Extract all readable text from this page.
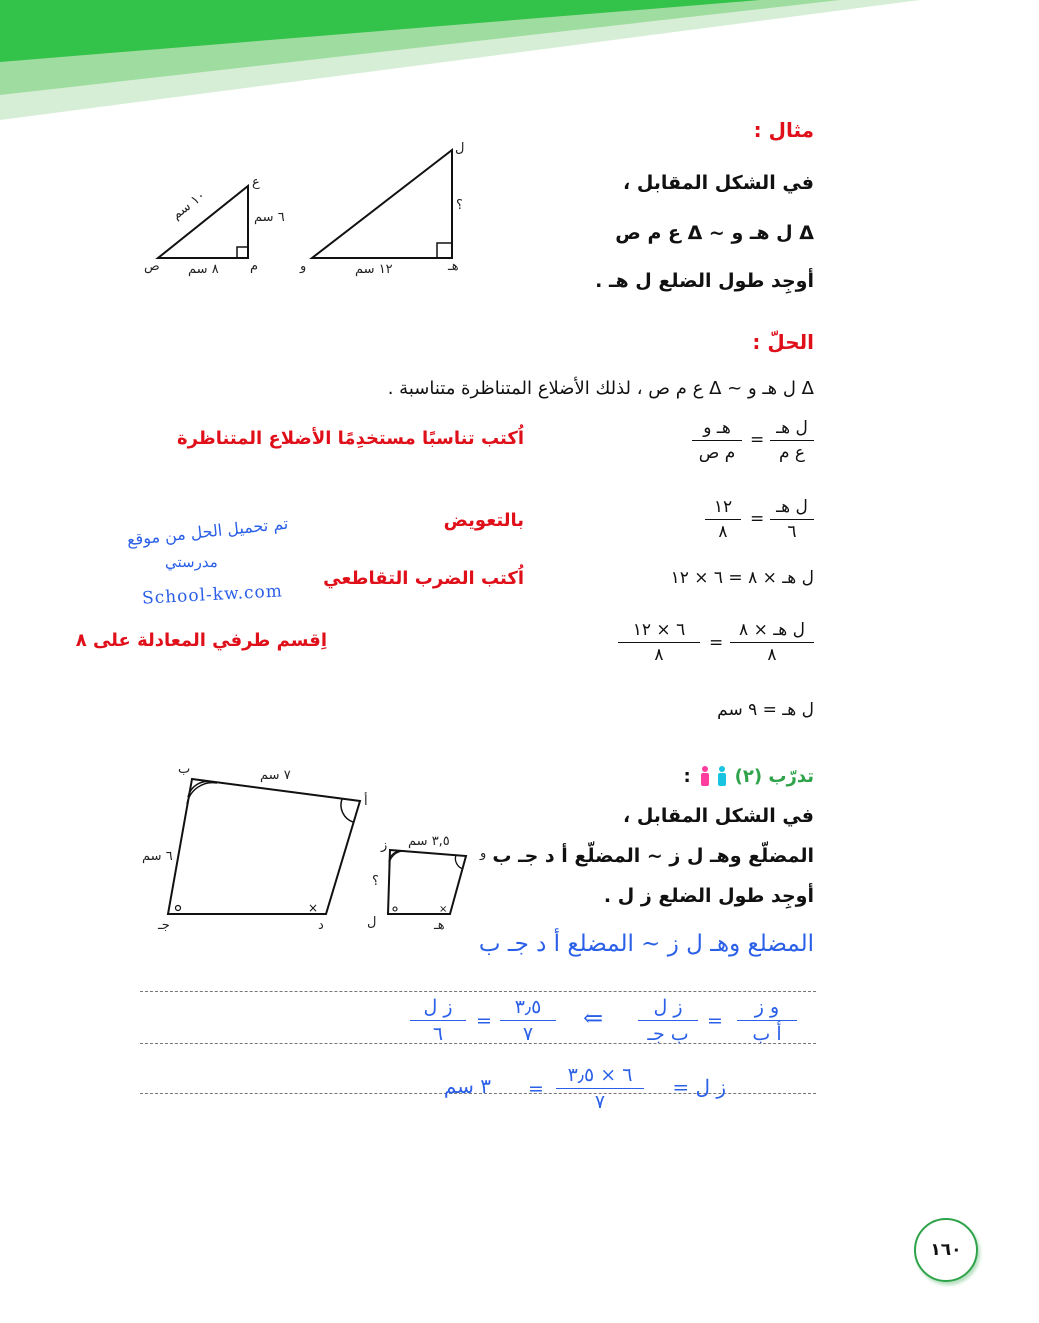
مثال :
في الشكل المقابل ،
Δ ل هـ و ~ Δ ع م ص
أوجِد طول الضلع ل هـ .
ل
و	هـ
١٢ سم
؟
ع
ص	م
٨ سم
٦ سم
١٠ سم
الحلّ :
Δ ل هـ و ~ Δ ع م ص ، لذلك الأضلاع المتناظرة متناسبة .
ل هـ
ع م
=
هـ و
م ص
اُكتب تناسبًا مستخدِمًا الأضلاع المتناظرة
ل هـ
٦
=
١٢
٨
بالتعويض
ل هـ × ٨ = ٦ × ١٢
اُكتب الضرب التقاطعي
ل هـ × ٨
٨
=
٦ × ١٢
٨
اِقسم طرفي المعادلة على ٨
ل هـ = ٩ سم
تم تحميل الحل من موقع
مدرستي
School-kw.com
تدرّب (٢)
:
في الشكل المقابل ،
المضلّع وهـ ل ز ~ المضلّع أ د جـ ب
أوجِد طول الضلع ز ل .
×	×
ب
أ
جـ	د
٧ سم
٦ سم
ز
و
ل	هـ
٣,٥ سم
؟
المضلع وهـ ل ز ~ المضلع أ د جـ ب
و ز
أ ب
=
ز ل
ب جـ
⇐
٣٫٥
٧
=
ز ل
٦
ز ل =
٦ × ٣٫٥
٧
=
٣ سم
١٦٠
